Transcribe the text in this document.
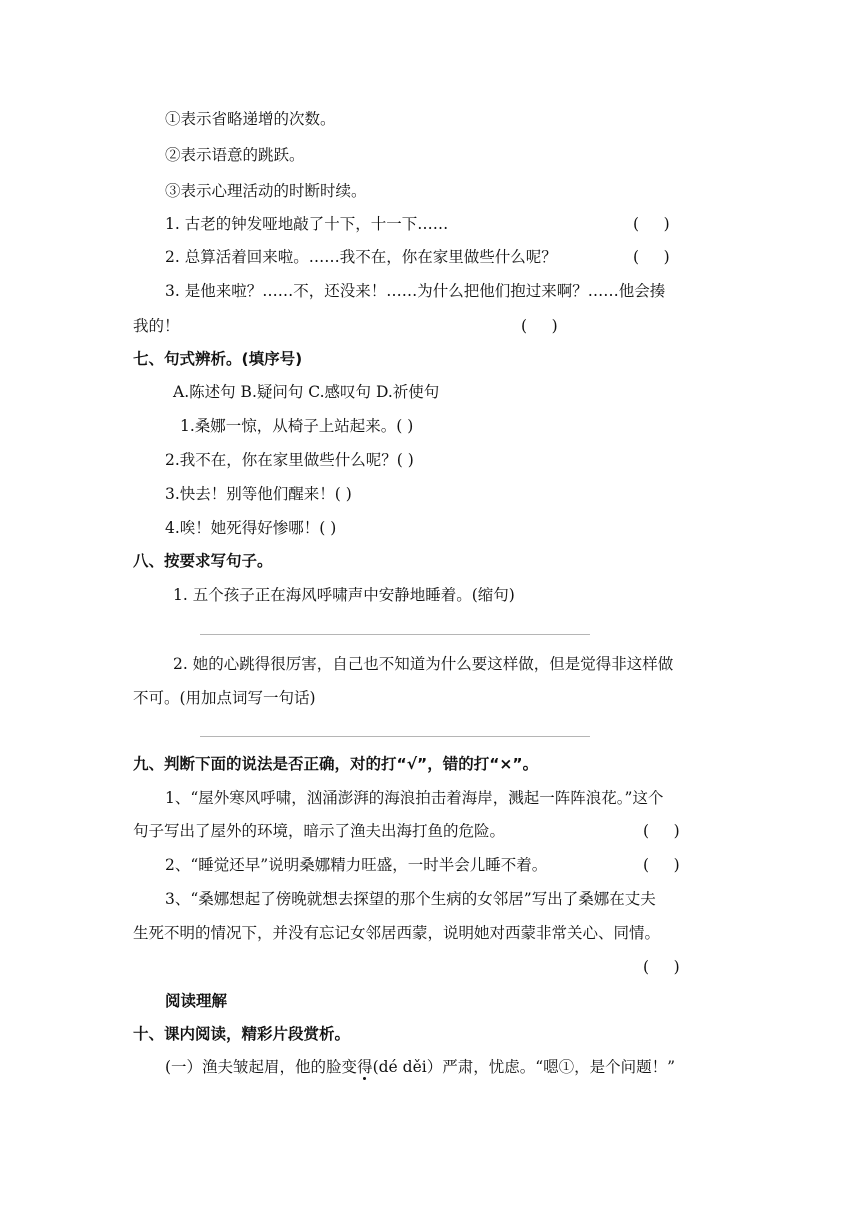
①表示省略递增的次数。
②表示语意的跳跃。
③表示心理活动的时断时续。
1. 古老的钟发哑地敲了十下，十一下……	(     )
2. 总算活着回来啦。……我不在，你在家里做些什么呢？	(     )
3. 是他来啦？……不，还没来！……为什么把他们抱过来啊？……他会揍
我的！	(     )
七、句式辨析。(填序号)
A.陈述句 B.疑问句 C.感叹句 D.祈使句
1.桑娜一惊，从椅子上站起来。( )
2.我不在，你在家里做些什么呢？( )
3.快去！别等他们醒来！( )
4.唉！她死得好惨哪！( )
八、按要求写句子。
1. 五个孩子正在海风呼啸声中安静地睡着。(缩句)
2. 她的心跳得很厉害，自己也不知道为什么要这样做，但是觉得非这样做
不可。(用加点词写一句话)
九、判断下面的说法是否正确，对的打“√”，错的打“×”。
1、“屋外寒风呼啸，汹涌澎湃的海浪拍击着海岸，溅起一阵阵浪花。”这个
句子写出了屋外的环境，暗示了渔夫出海打鱼的危险。	(     )
2、“睡觉还早”说明桑娜精力旺盛，一时半会儿睡不着。	(     )
3、“桑娜想起了傍晚就想去探望的那个生病的女邻居”写出了桑娜在丈夫
生死不明的情况下，并没有忘记女邻居西蒙，说明她对西蒙非常关心、同情。
(     )
阅读理解
十、课内阅读，精彩片段赏析。
(一）渔夫皱起眉，他的脸变得(dé děi）严肃，忧虑。“嗯①，是个问题！”
